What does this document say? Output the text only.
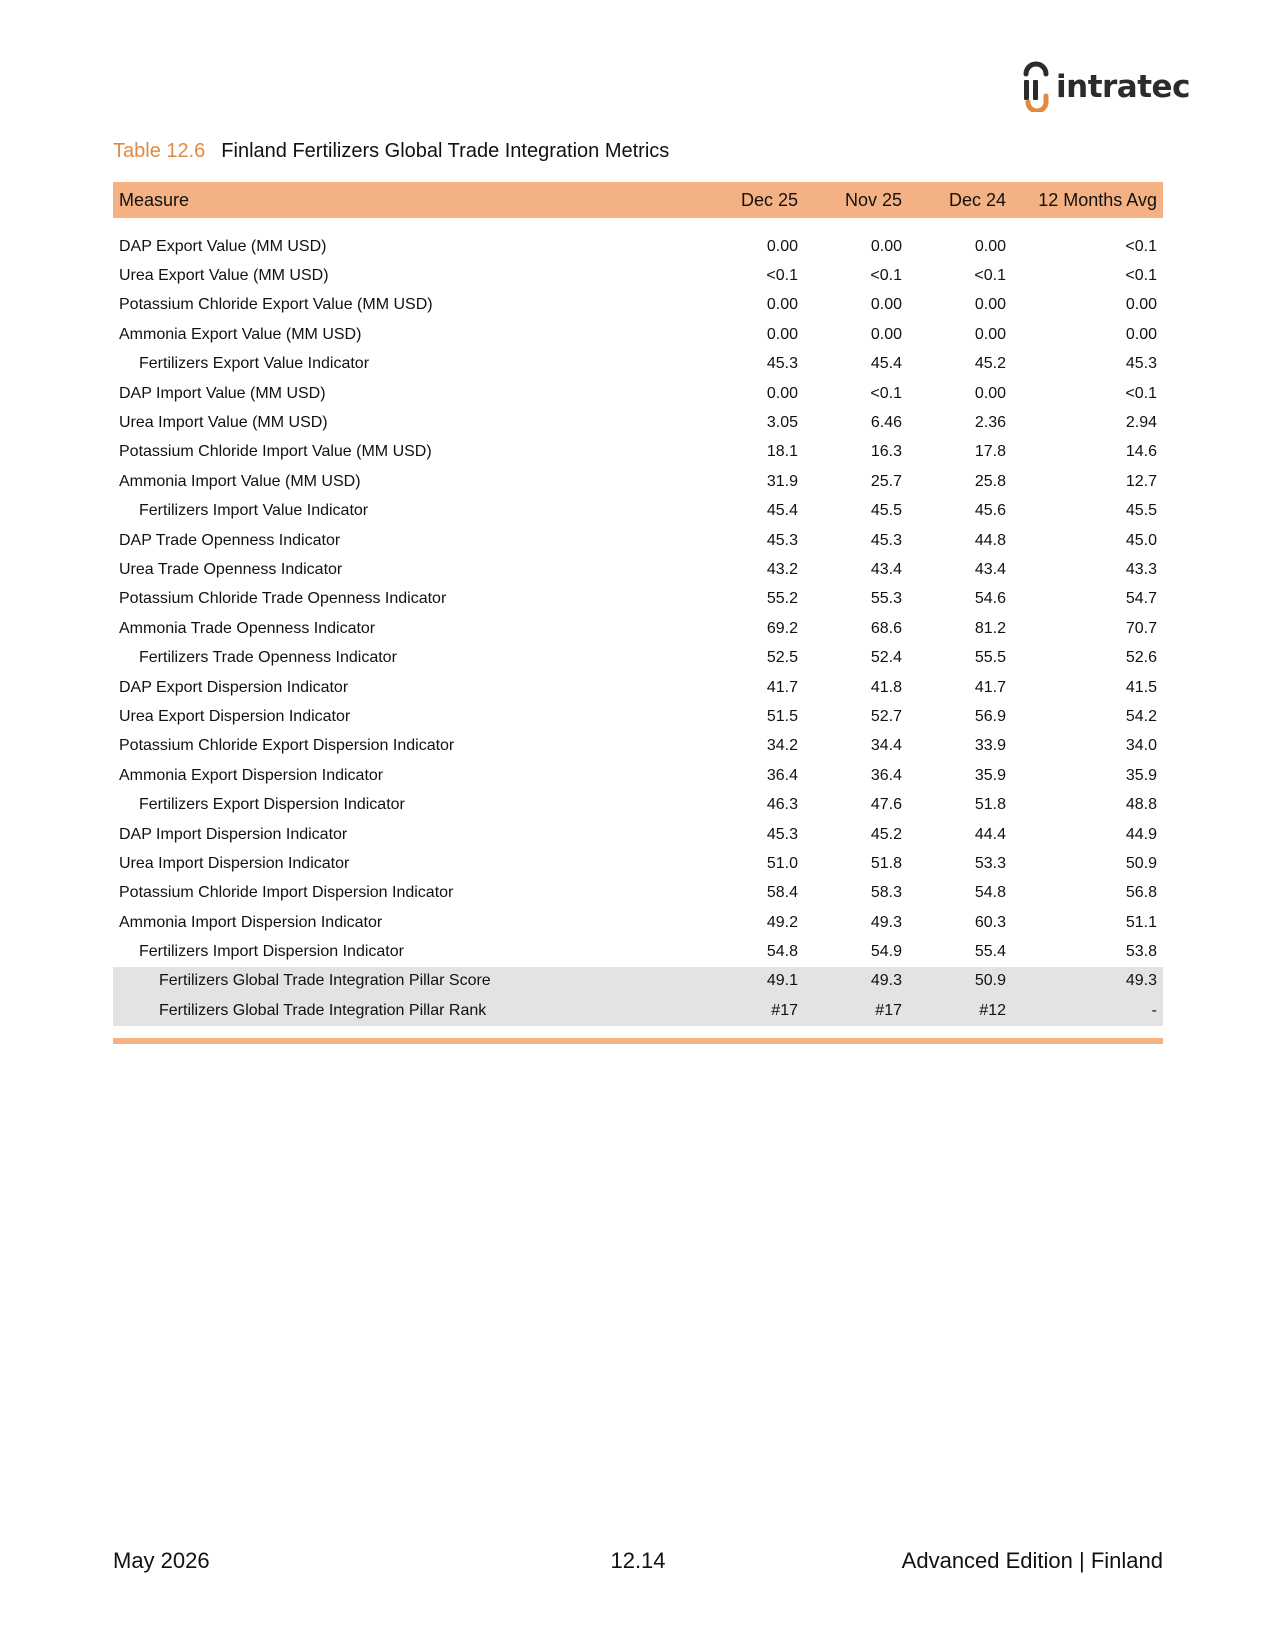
intratec
Table 12.6 Finland Fertilizers Global Trade Integration Metrics
Measure	Dec 25	Nov 25	Dec 24	12 Months Avg
DAP Export Value (MM USD)	0.00	0.00	0.00	<0.1
Urea Export Value (MM USD)	<0.1	<0.1	<0.1	<0.1
Potassium Chloride Export Value (MM USD)	0.00	0.00	0.00	0.00
Ammonia Export Value (MM USD)	0.00	0.00	0.00	0.00
Fertilizers Export Value Indicator	45.3	45.4	45.2	45.3
DAP Import Value (MM USD)	0.00	<0.1	0.00	<0.1
Urea Import Value (MM USD)	3.05	6.46	2.36	2.94
Potassium Chloride Import Value (MM USD)	18.1	16.3	17.8	14.6
Ammonia Import Value (MM USD)	31.9	25.7	25.8	12.7
Fertilizers Import Value Indicator	45.4	45.5	45.6	45.5
DAP Trade Openness Indicator	45.3	45.3	44.8	45.0
Urea Trade Openness Indicator	43.2	43.4	43.4	43.3
Potassium Chloride Trade Openness Indicator	55.2	55.3	54.6	54.7
Ammonia Trade Openness Indicator	69.2	68.6	81.2	70.7
Fertilizers Trade Openness Indicator	52.5	52.4	55.5	52.6
DAP Export Dispersion Indicator	41.7	41.8	41.7	41.5
Urea Export Dispersion Indicator	51.5	52.7	56.9	54.2
Potassium Chloride Export Dispersion Indicator	34.2	34.4	33.9	34.0
Ammonia Export Dispersion Indicator	36.4	36.4	35.9	35.9
Fertilizers Export Dispersion Indicator	46.3	47.6	51.8	48.8
DAP Import Dispersion Indicator	45.3	45.2	44.4	44.9
Urea Import Dispersion Indicator	51.0	51.8	53.3	50.9
Potassium Chloride Import Dispersion Indicator	58.4	58.3	54.8	56.8
Ammonia Import Dispersion Indicator	49.2	49.3	60.3	51.1
Fertilizers Import Dispersion Indicator	54.8	54.9	55.4	53.8
Fertilizers Global Trade Integration Pillar Score	49.1	49.3	50.9	49.3
Fertilizers Global Trade Integration Pillar Rank	#17	#17	#12	-
May 2026	12.14	Advanced Edition | Finland
